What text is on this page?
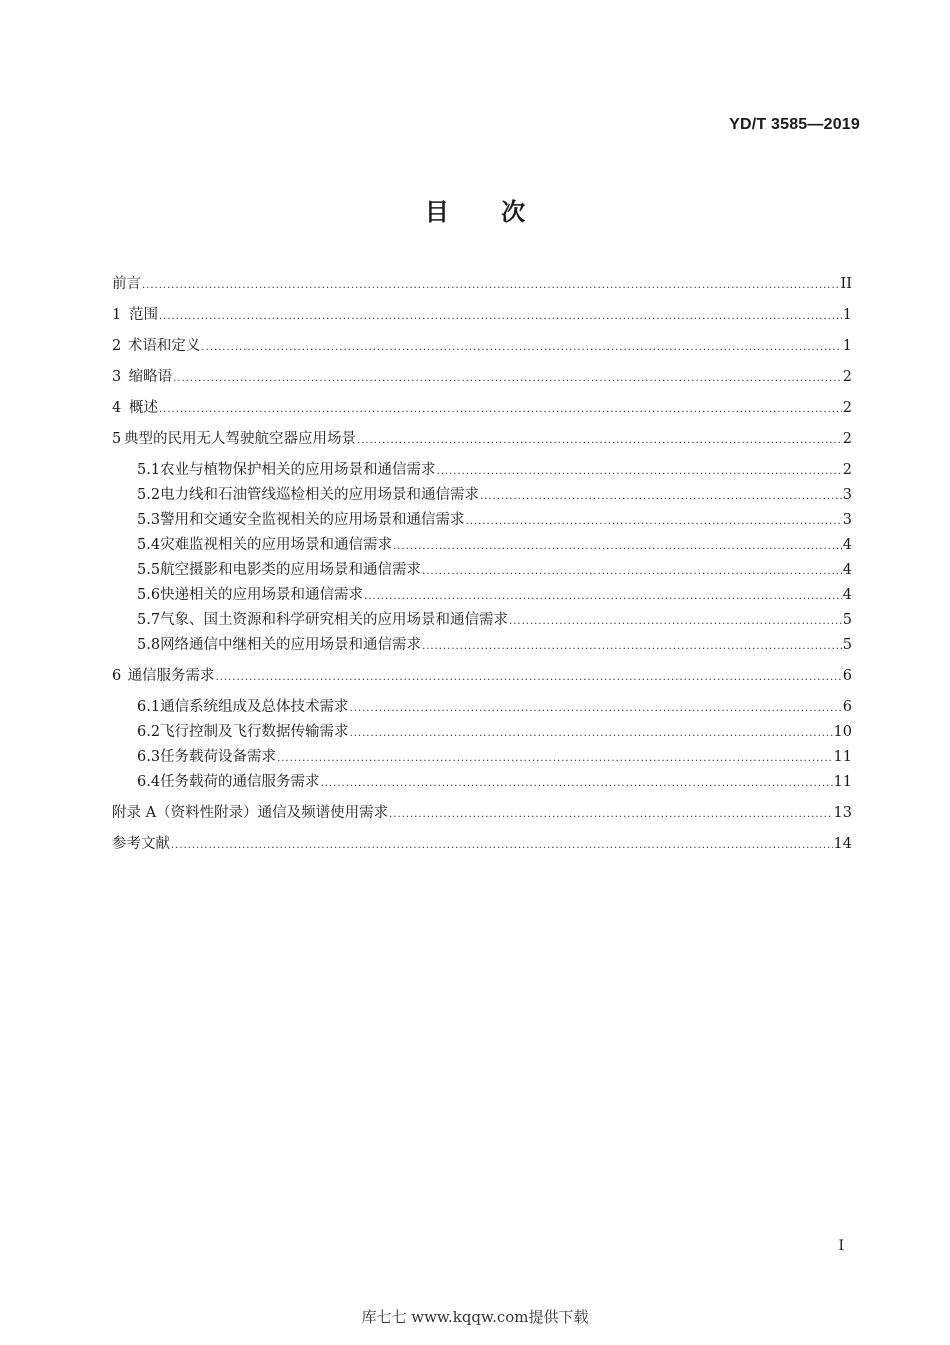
YD/T 3585—2019
目 次
前言 .....	II
1 范围 .....	1
2 术语和定义 .....	1
3 缩略语 .....	2
4 概述 .....	2
5 典型的民用无人驾驶航空器应用场景 .....	2
5.1 农业与植物保护相关的应用场景和通信需求 .....	2
5.2 电力线和石油管线巡检相关的应用场景和通信需求 .....	3
5.3 警用和交通安全监视相关的应用场景和通信需求 .....	3
5.4 灾难监视相关的应用场景和通信需求 .....	4
5.5 航空摄影和电影类的应用场景和通信需求 .....	4
5.6 快递相关的应用场景和通信需求 .....	4
5.7 气象、国土资源和科学研究相关的应用场景和通信需求 .....	5
5.8 网络通信中继相关的应用场景和通信需求 .....	5
6 通信服务需求 .....	6
6.1 通信系统组成及总体技术需求 .....	6
6.2 飞行控制及飞行数据传输需求 .....	10
6.3 任务载荷设备需求 .....	11
6.4 任务载荷的通信服务需求 .....	11
附录 A（资料性附录）通信及频谱使用需求 .....	13
参考文献 .....	14
I
库七七 www.kqqw.com提供下载
